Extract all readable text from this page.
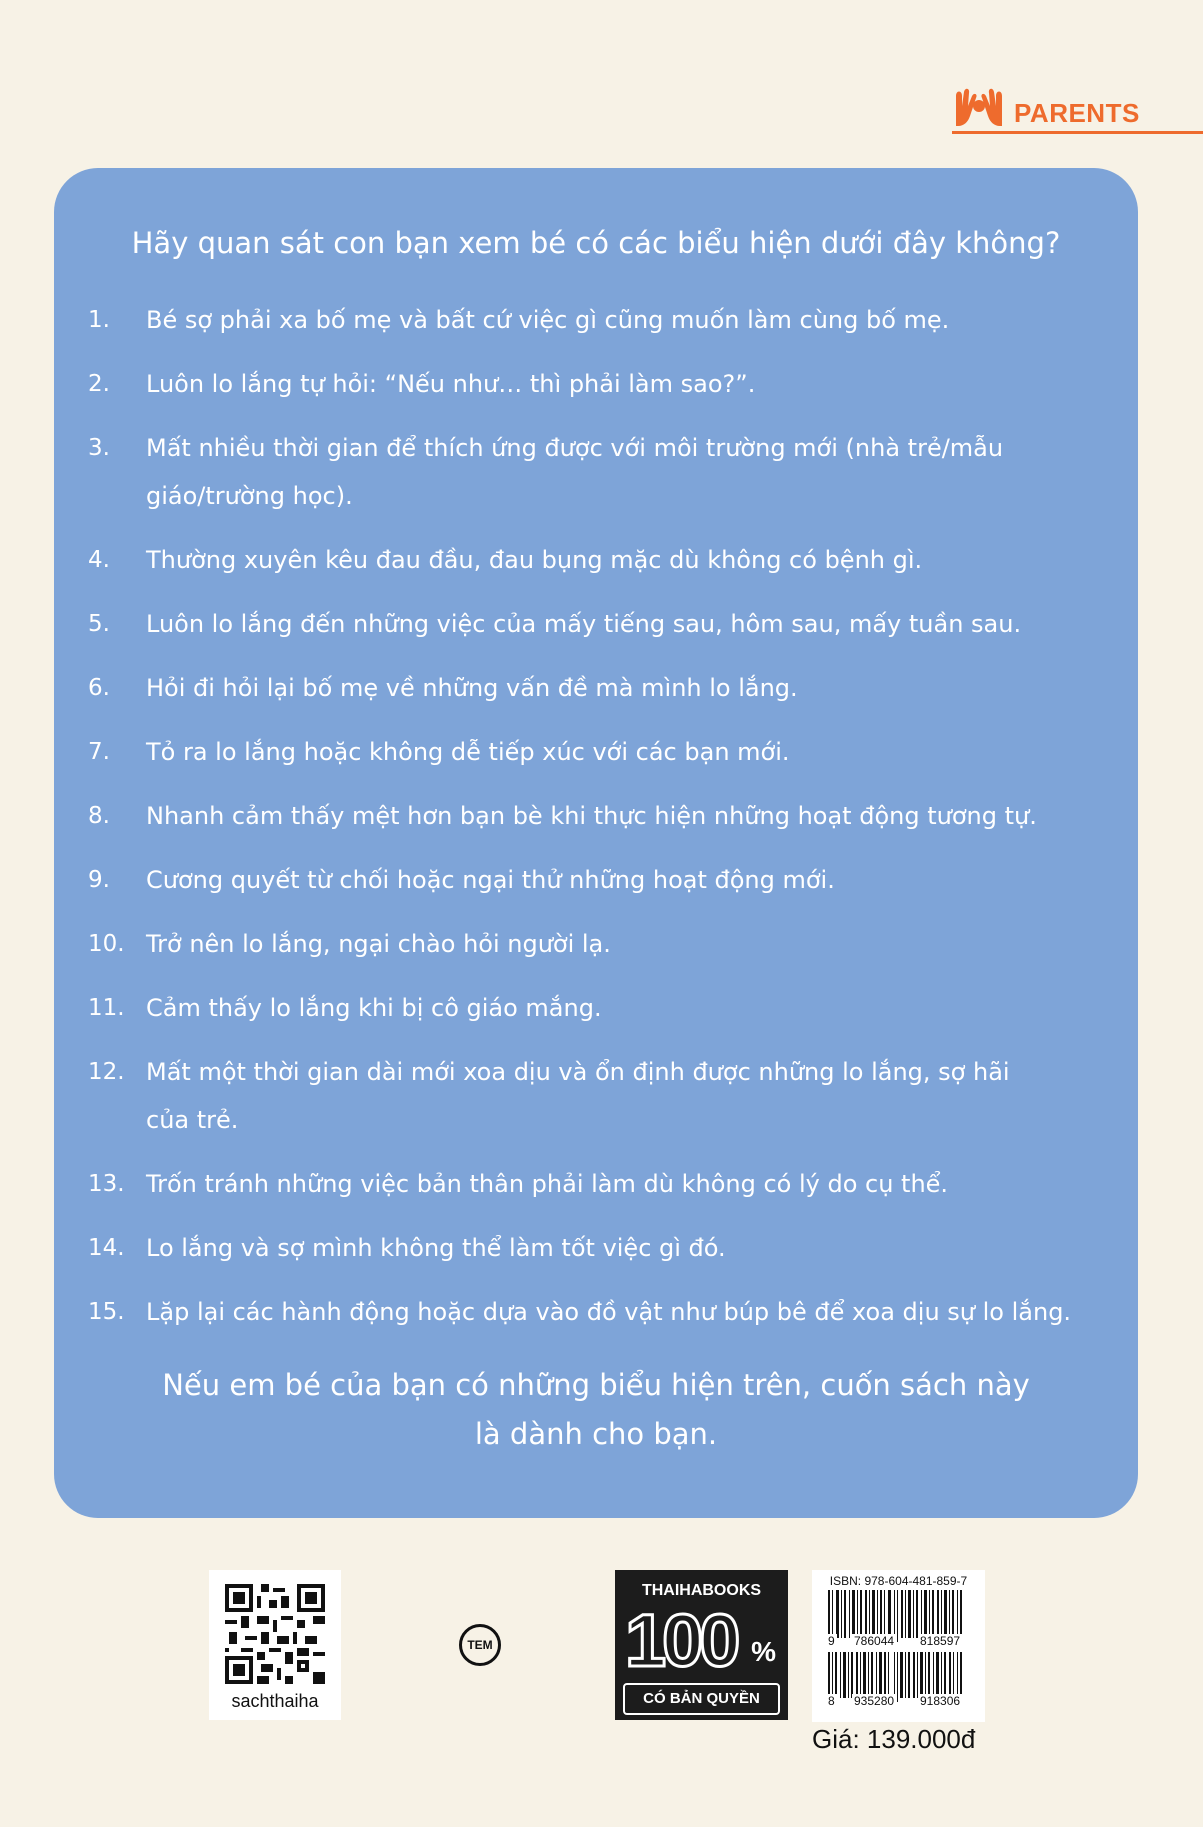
PARENTS
Hãy quan sát con bạn xem bé có các biểu hiện dưới đây không?
1.	Bé sợ phải xa bố mẹ và bất cứ việc gì cũng muốn làm cùng bố mẹ.
2.	Luôn lo lắng tự hỏi: “Nếu như… thì phải làm sao?”.
3.	Mất nhiều thời gian để thích ứng được với môi trường mới (nhà trẻ/mẫu
giáo/trường học).
4.	Thường xuyên kêu đau đầu, đau bụng mặc dù không có bệnh gì.
5.	Luôn lo lắng đến những việc của mấy tiếng sau, hôm sau, mấy tuần sau.
6.	Hỏi đi hỏi lại bố mẹ về những vấn đề mà mình lo lắng.
7.	Tỏ ra lo lắng hoặc không dễ tiếp xúc với các bạn mới.
8.	Nhanh cảm thấy mệt hơn bạn bè khi thực hiện những hoạt động tương tự.
9.	Cương quyết từ chối hoặc ngại thử những hoạt động mới.
10. Trở nên lo lắng, ngại chào hỏi người lạ.
11. Cảm thấy lo lắng khi bị cô giáo mắng.
12. Mất một thời gian dài mới xoa dịu và ổn định được những lo lắng, sợ hãi
của trẻ.
13. Trốn tránh những việc bản thân phải làm dù không có lý do cụ thể.
14. Lo lắng và sợ mình không thể làm tốt việc gì đó.
15. Lặp lại các hành động hoặc dựa vào đồ vật như búp bê để xoa dịu sự lo lắng.
Nếu em bé của bạn có những biểu hiện trên, cuốn sách này
là dành cho bạn.
sachthaiha
TEM
THAIHABOOKS
100 %
CÓ BẢN QUYỀN
ISBN: 978-604-481-859-7
9 786044 818597
8 935280 918306
Giá: 139.000đ
